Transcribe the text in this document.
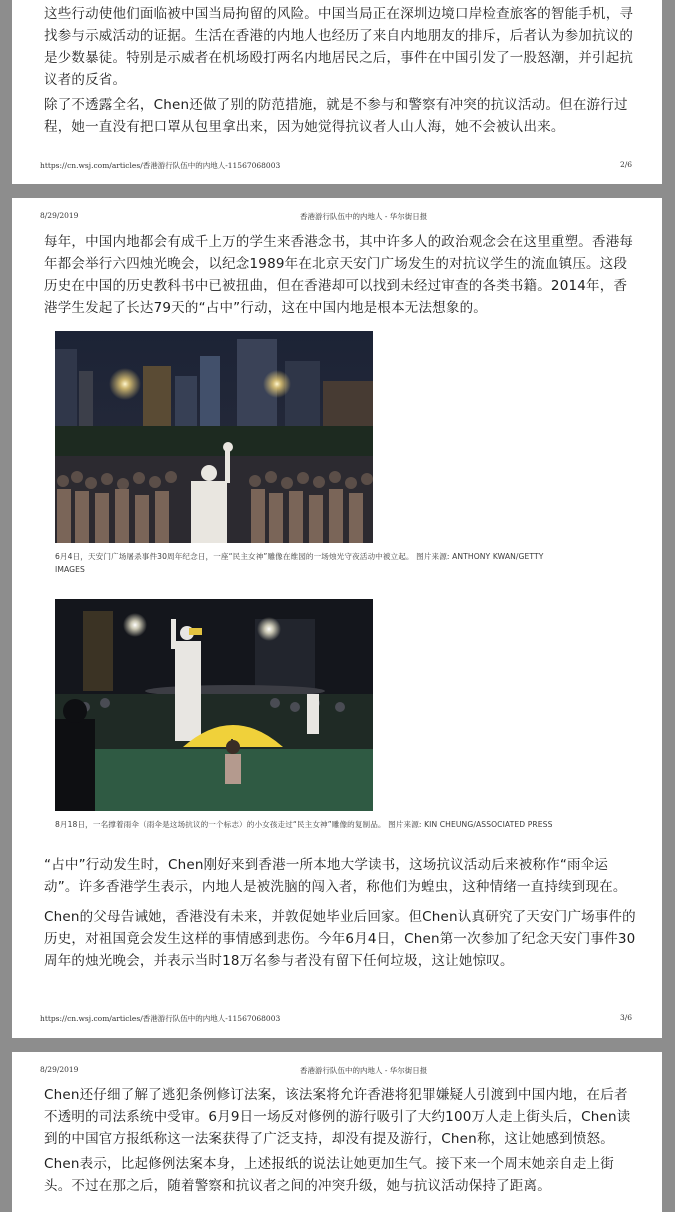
这些行动使他们面临被中国当局拘留的风险。中国当局正在深圳边境口岸检查旅客的智能手机，寻找参与示威活动的证据。生活在香港的内地人也经历了来自内地朋友的排斥，后者认为参加抗议的是少数暴徒。特别是示威者在机场殴打两名内地居民之后，事件在中国引发了一股怒潮，并引起抗议者的反省。

除了不透露全名，Chen还做了别的防范措施，就是不参与和警察有冲突的抗议活动。但在游行过程，她一直没有把口罩从包里拿出来，因为她觉得抗议者人山人海，她不会被认出来。

https://cn.wsj.com/articles/香港游行队伍中的内地人-11567068003	2/6
8/29/2019	香港游行队伍中的内地人 - 华尔街日报

每年，中国内地都会有成千上万的学生来香港念书，其中许多人的政治观念会在这里重塑。香港每年都会举行六四烛光晚会，以纪念1989年在北京天安门广场发生的对抗议学生的流血镇压。这段历史在中国的历史教科书中已被扭曲，但在香港却可以找到未经过审查的各类书籍。2014年，香港学生发起了长达79天的“占中”行动，这在中国内地是根本无法想象的。

6月4日，天安门广场屠杀事件30周年纪念日，一座“民主女神”雕像在维园的一场烛光守夜活动中被立起。 图片来源: ANTHONY KWAN/GETTY IMAGES

8月18日，一名撑着雨伞（雨伞是这场抗议的一个标志）的小女孩走过“民主女神”雕像的复制品。 图片来源: KIN CHEUNG/ASSOCIATED PRESS

“占中”行动发生时，Chen刚好来到香港一所本地大学读书，这场抗议活动后来被称作“雨伞运动”。许多香港学生表示，内地人是被洗脑的闯入者，称他们为蝗虫，这种情绪一直持续到现在。

Chen的父母告诫她，香港没有未来，并敦促她毕业后回家。但Chen认真研究了天安门广场事件的历史，对祖国竟会发生这样的事情感到悲伤。今年6月4日，Chen第一次参加了纪念天安门事件30周年的烛光晚会，并表示当时18万名参与者没有留下任何垃圾，这让她惊叹。

https://cn.wsj.com/articles/香港游行队伍中的内地人-11567068003	3/6
8/29/2019	香港游行队伍中的内地人 - 华尔街日报

Chen还仔细了解了逃犯条例修订法案，该法案将允许香港将犯罪嫌疑人引渡到中国内地，在后者不透明的司法系统中受审。6月9日一场反对修例的游行吸引了大约100万人走上街头后，Chen读到的中国官方报纸称这一法案获得了广泛支持，却没有提及游行，Chen称，这让她感到愤怒。

Chen表示，比起修例法案本身，上述报纸的说法让她更加生气。接下来一个周末她亲自走上街头。不过在那之后，随着警察和抗议者之间的冲突升级，她与抗议活动保持了距离。
